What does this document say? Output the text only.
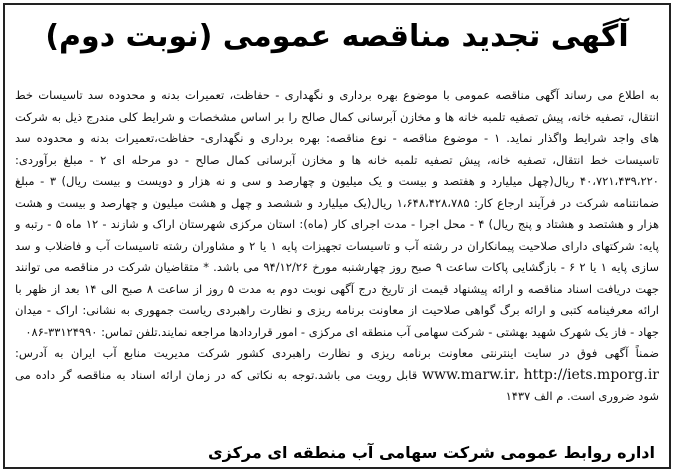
آگهی تجدید مناقصه عمومی (نوبت دوم)

به اطلاع می رساند آگهی مناقصه عمومی با موضوع بهره برداری و نگهداری - حفاظت، تعمیرات بدنه و محدوده سد تاسیسات خط انتقال، تصفیه خانه، پیش تصفیه تلمبه خانه ها و مخازن آبرسانی کمال صالح را بر اساس مشخصات و شرایط کلی مندرج ذیل به شرکت های واجد شرایط واگذار نماید. ۱ - موضوع مناقصه - نوع مناقصه: بهره برداری و نگهداری- حفاظت،تعمیرات بدنه و محدوده سد تاسیسات خط انتقال، تصفیه خانه، پیش تصفیه تلمبه خانه ها و مخازن آبرسانی کمال صالح - دو مرحله ای ۲ - مبلغ برآوردی: ۴۰،۷۲۱،۴۳۹،۲۲۰ ریال(چهل میلیارد و هفتصد و بیست و یک میلیون و چهارصد و سی و نه هزار و دویست و بیست ریال) ۳ - مبلغ ضمانتنامه شرکت در فرآیند ارجاع کار: ۱،۶۴۸،۴۲۸،۷۸۵ ریال(یک میلیارد و ششصد و چهل و هشت میلیون و چهارصد و بیست و هشت هزار و هشتصد و هشتاد و پنج ریال) ۴ - محل اجرا - مدت اجرای کار (ماه): استان مرکزی شهرستان اراک و شازند - ۱۲ ماه ۵ - رتبه و پایه: شرکتهای دارای صلاحیت پیمانکاران در رشته آب و تاسیسات تجهیزات پایه ۱ یا ۲ و مشاوران رشته تاسیسات آب و فاضلاب و سد سازی پایه ۱ یا ۲ ۶ - بازگشایی پاکات ساعت ۹ صبح روز چهارشنبه مورخ ۹۴/۱۲/۲۶ می باشد. * متقاضیان شرکت در مناقصه می توانند جهت دریافت اسناد مناقصه و ارائه پیشنهاد قیمت از تاریخ درج آگهی نوبت دوم به مدت ۵ روز از ساعت ۸ صبح الی ۱۴ بعد از ظهر با ارائه معرفینامه کتبی و ارائه برگ گواهی صلاحیت از معاونت برنامه ریزی و نظارت راهبردی ریاست جمهوری به نشانی: اراک - میدان جهاد - فاز یک شهرک شهید بهشتی - شرکت سهامی آب منطقه ای مرکزی - امور قراردادها مراجعه نمایند.تلفن تماس: ۳۳۱۲۴۹۹۰-۰۸۶

ضمناً آگهی فوق در سایت اینترنتی معاونت برنامه ریزی و نظارت راهبردی کشور شرکت مدیریت منابع آب ایران به آدرس: www.marw.ir، http://iets.mporg.ir قابل رویت می باشد.توجه به نکاتی که در زمان ارائه اسناد به مناقصه گر داده می شود ضروری است. م الف ۱۴۳۷

اداره روابط عمومی شرکت سهامی آب منطقه ای مرکزی
